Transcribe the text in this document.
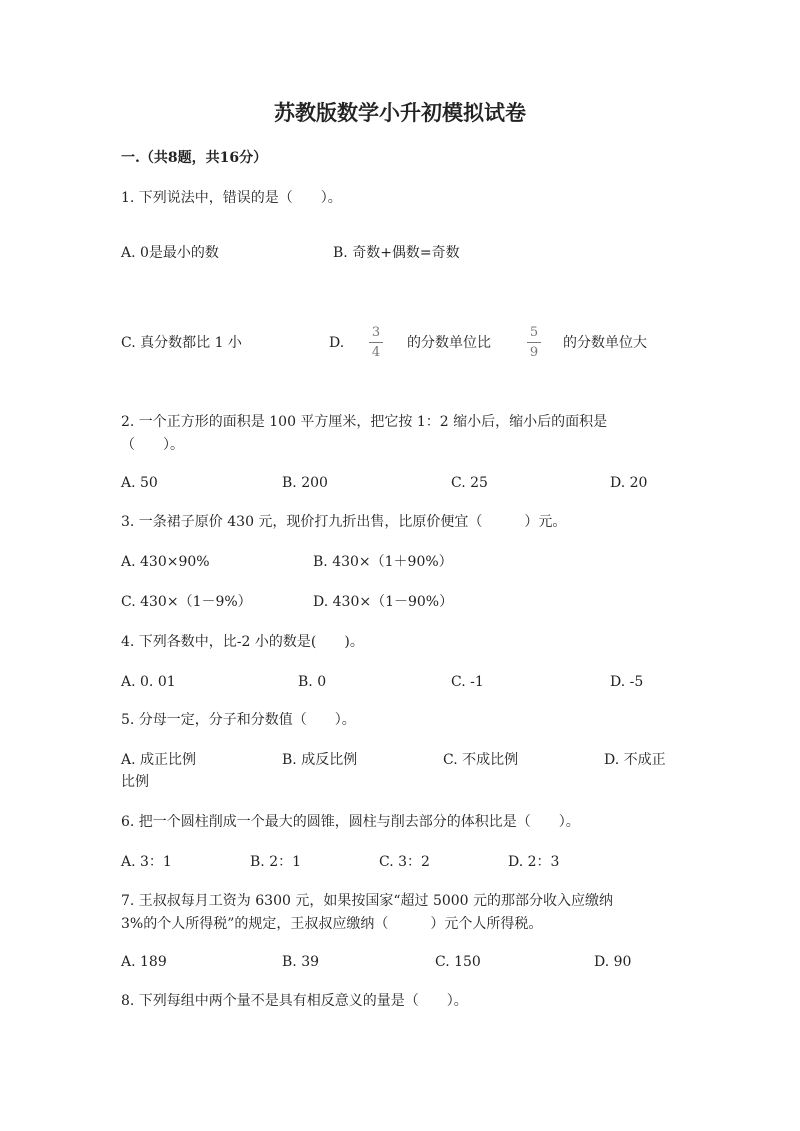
苏教版数学小升初模拟试卷
一.（共8题，共16分）
1. 下列说法中，错误的是（　　）。
A. 0是最小的数	B. 奇数+偶数=奇数
C. 真分数都比 1 小	D.
3
4
的分数单位比
5
9
的分数单位大
2. 一个正方形的面积是 100 平方厘米，把它按 1：2 缩小后，缩小后的面积是
（　　）。
A. 50	B. 200	C. 25	D. 20
3. 一条裙子原价 430 元，现价打九折出售，比原价便宜（　　　）元。
A. 430×90%	B. 430×（1＋90%）
C. 430×（1－9%）	D. 430×（1－90%）
4. 下列各数中，比-2 小的数是(　　)。
A. 0. 01	B. 0	C. -1	D. -5
5. 分母一定，分子和分数值（　　）。
A. 成正比例	B. 成反比例	C. 不成比例	D. 不成正
比例
6. 把一个圆柱削成一个最大的圆锥，圆柱与削去部分的体积比是（　　）。
A. 3：1	B. 2：1	C. 3：2	D. 2：3
7. 王叔叔每月工资为 6300 元，如果按国家“超过 5000 元的那部分收入应缴纳
3%的个人所得税”的规定，王叔叔应缴纳（　　　）元个人所得税。
A. 189	B. 39	C. 150	D. 90
8. 下列每组中两个量不是具有相反意义的量是（　　）。
